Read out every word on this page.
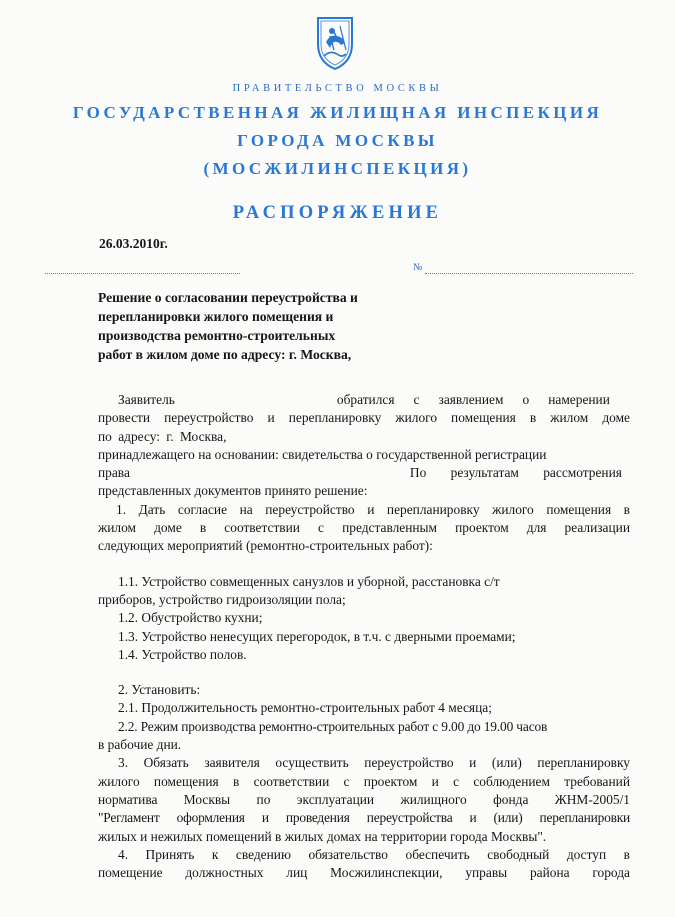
ПРАВИТЕЛЬСТВО МОСКВЫ
ГОСУДАРСТВЕННАЯ ЖИЛИЩНАЯ ИНСПЕКЦИЯ
ГОРОДА МОСКВЫ
(МОСЖИЛИНСПЕКЦИЯ)
РАСПОРЯЖЕНИЕ
26.03.2010г.
№
Решение о согласовании переустройства и
перепланировки жилого помещения и
производства ремонтно-строительных
работ в жилом доме по адресу: г. Москва,
Заявитель	обратился с заявлением о намерении
провести переустройство и перепланировку жилого помещения в жилом доме
по адресу: г. Москва,
принадлежащего на основании: свидетельства о государственной регистрации
права	По результатам рассмотрения
представленных документов принято решение:
1. Дать согласие на переустройство и перепланировку жилого помещения в
жилом доме в соответствии с представленным проектом для реализации
следующих мероприятий (ремонтно-строительных работ):
1.1. Устройство совмещенных санузлов и уборной, расстановка с/т
приборов, устройство гидроизоляции пола;
1.2. Обустройство кухни;
1.3. Устройство ненесущих перегородок, в т.ч. с дверными проемами;
1.4. Устройство полов.
2. Установить:
2.1. Продолжительность ремонтно-строительных работ 4 месяца;
2.2. Режим производства ремонтно-строительных работ с 9.00 до 19.00 часов
в рабочие дни.
3. Обязать заявителя осуществить переустройство и (или) перепланировку
жилого помещения в соответствии с проектом и с соблюдением требований
норматива Москвы по эксплуатации жилищного фонда ЖНМ-2005/1
"Регламент оформления и проведения переустройства и (или) перепланировки
жилых и нежилых помещений в жилых домах на территории города Москвы".
4. Принять к сведению обязательство обеспечить свободный доступ в
помещение должностных лиц Мосжилинспекции, управы района города
